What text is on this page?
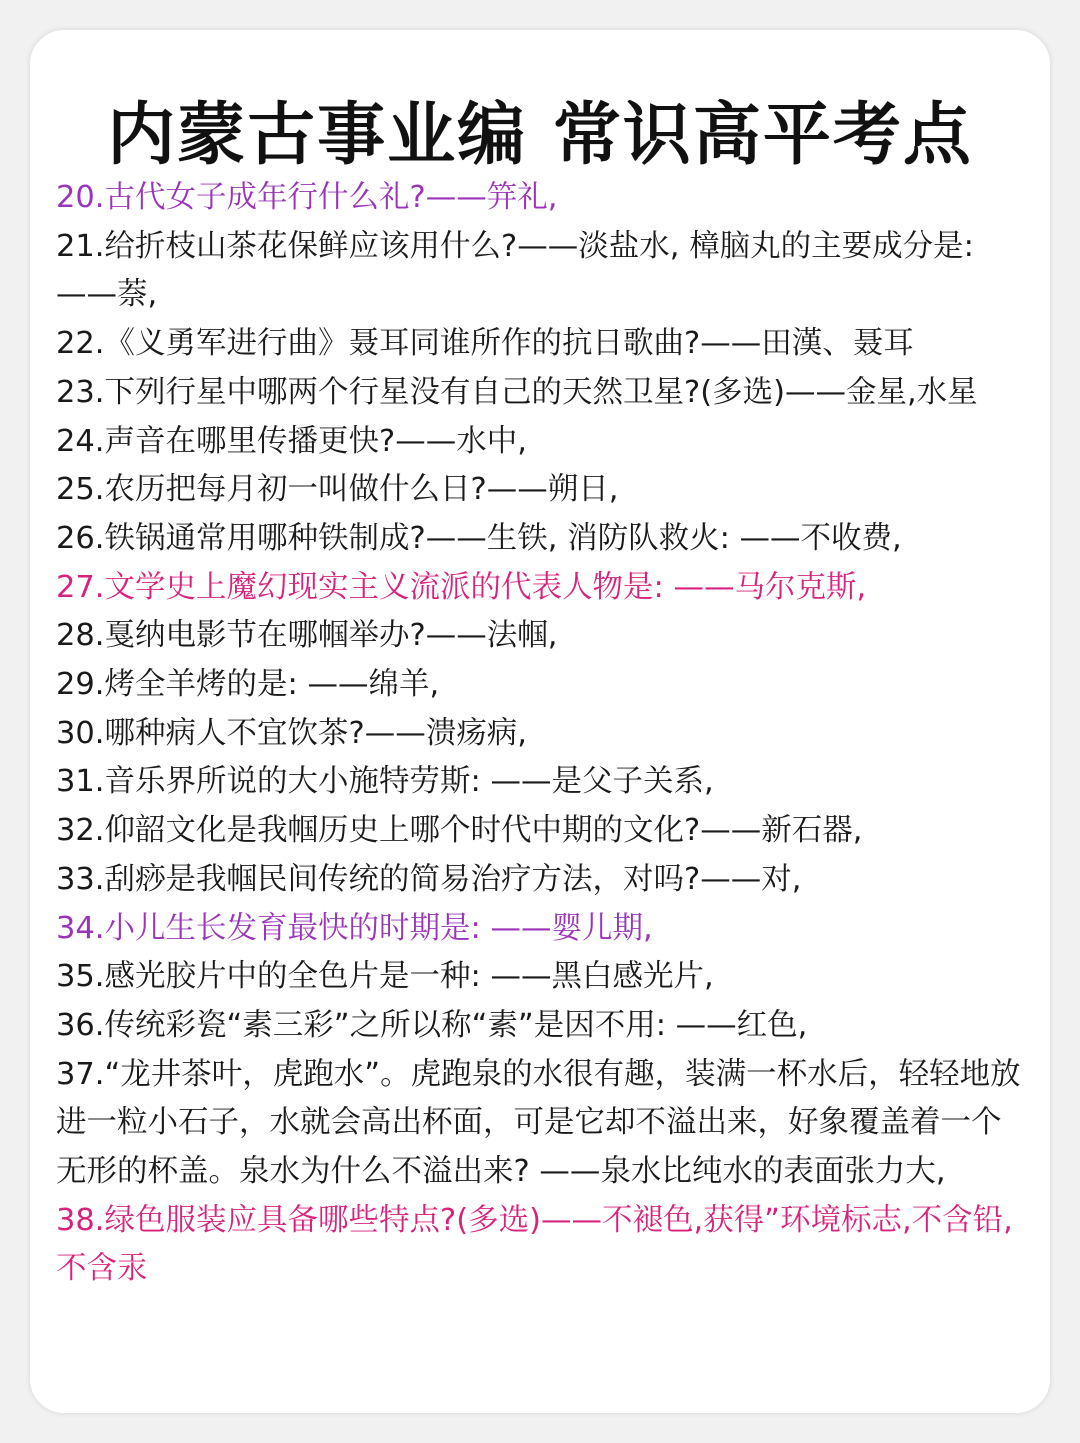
内蒙古事业编 常识高平考点
20.古代女子成年行什么礼?——笄礼,
21.给折枝山茶花保鲜应该用什么?——淡盐水, 樟脑丸的主要成分是: ——萘,
22.《义勇军进行曲》聂耳同谁所作的抗日歌曲?——田漢、聂耳
23.下列行星中哪两个行星没有自己的天然卫星?(多选)——金星,水星
24.声音在哪里传播更快?——水中,
25.农历把每月初一叫做什么日?——朔日,
26.铁锅通常用哪种铁制成?——生铁, 消防队救火: ——不收费,
27.文学史上魔幻现实主义流派的代表人物是: ——马尔克斯,
28.戛纳电影节在哪帼举办?——法帼,
29.烤全羊烤的是: ——绵羊,
30.哪种病人不宜饮茶?——溃疡病,
31.音乐界所说的大小施特劳斯: ——是父子关系,
32.仰韶文化是我帼历史上哪个时代中期的文化?——新石器,
33.刮痧是我帼民间传统的简易治疗方法，对吗?——对,
34.小儿生长发育最快的时期是: ——婴儿期,
35.感光胶片中的全色片是一种: ——黑白感光片,
36.传统彩瓷“素三彩”之所以称“素”是因不用: ——红色,
37.“龙井茶叶，虎跑水”。虎跑泉的水很有趣，装满一杯水后，轻轻地放进一粒小石子，水就会高出杯面，可是它却不溢出来，好象覆盖着一个无形的杯盖。泉水为什么不溢出来? ——泉水比纯水的表面张力大,
38.绿色服装应具备哪些特点?(多选)——不褪色,获得”环境标志,不含铅,不含汞
